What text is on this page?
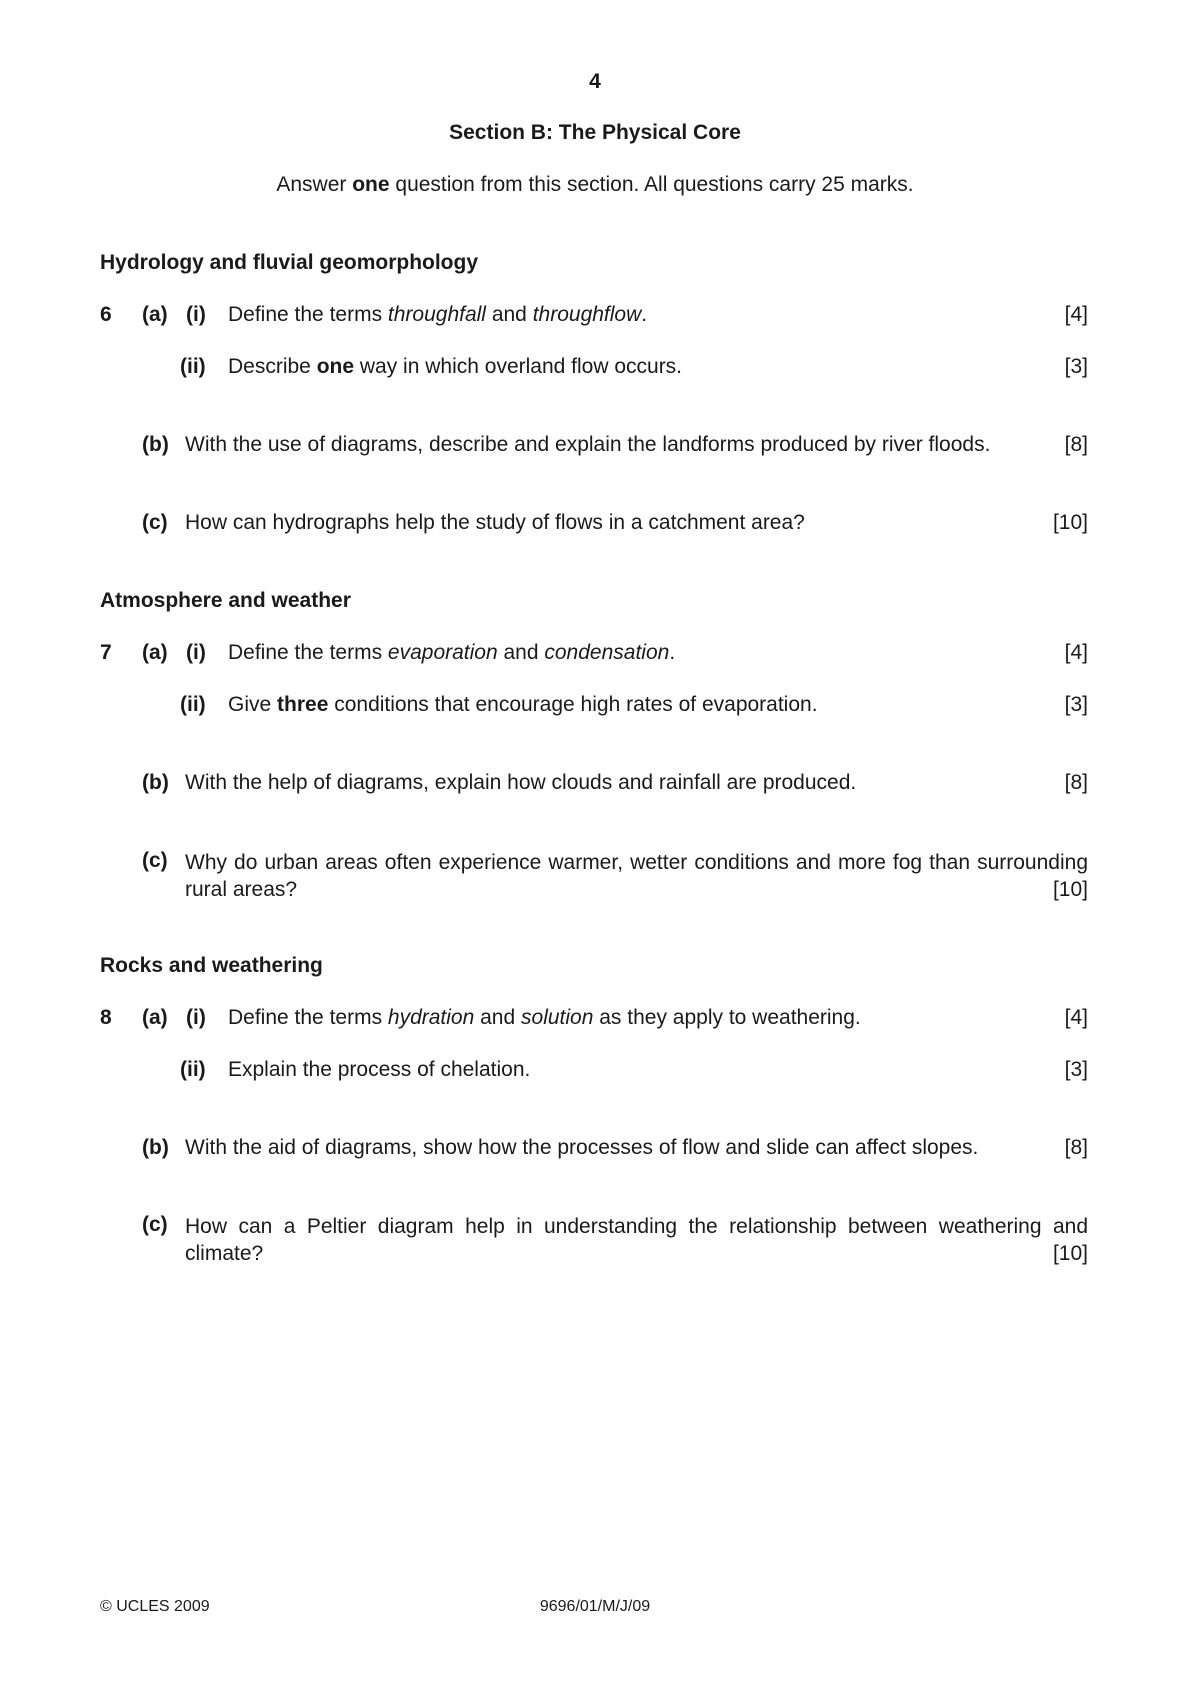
4
Section B: The Physical Core
Answer one question from this section. All questions carry 25 marks.
Hydrology and fluvial geomorphology
6 (a) (i) Define the terms throughfall and throughflow.	[4]
(ii) Describe one way in which overland flow occurs.	[3]
(b) With the use of diagrams, describe and explain the landforms produced by river floods.	[8]
(c) How can hydrographs help the study of flows in a catchment area?	[10]
Atmosphere and weather
7 (a) (i) Define the terms evaporation and condensation.	[4]
(ii) Give three conditions that encourage high rates of evaporation.	[3]
(b) With the help of diagrams, explain how clouds and rainfall are produced.	[8]
(c) Why do urban areas often experience warmer, wetter conditions and more fog than surrounding rural areas?	[10]
Rocks and weathering
8 (a) (i) Define the terms hydration and solution as they apply to weathering.	[4]
(ii) Explain the process of chelation.	[3]
(b) With the aid of diagrams, show how the processes of flow and slide can affect slopes.	[8]
(c) How can a Peltier diagram help in understanding the relationship between weathering and climate?	[10]
© UCLES 2009	9696/01/M/J/09
